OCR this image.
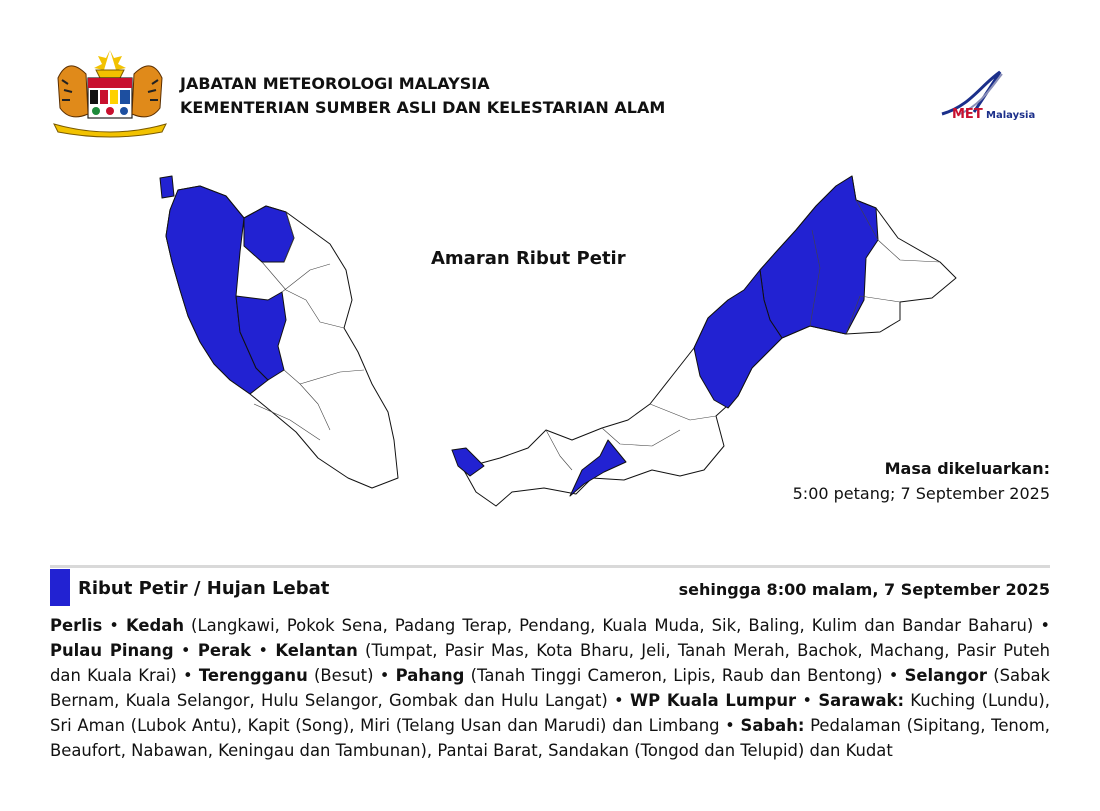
JABATAN METEOROLOGI MALAYSIA
KEMENTERIAN SUMBER ASLI DAN KELESTARIAN ALAM	MET Malaysia
Amaran Ribut Petir
Masa dikeluarkan:
5:00 petang; 7 September 2025
Ribut Petir / Hujan Lebat	sehingga 8:00 malam, 7 September 2025
Perlis • Kedah (Langkawi, Pokok Sena, Padang Terap, Pendang, Kuala Muda, Sik, Baling, Kulim dan Bandar Baharu) • Pulau Pinang • Perak • Kelantan (Tumpat, Pasir Mas, Kota Bharu, Jeli, Tanah Merah, Bachok, Machang, Pasir Puteh dan Kuala Krai) • Terengganu (Besut) • Pahang (Tanah Tinggi Cameron, Lipis, Raub dan Bentong) • Selangor (Sabak Bernam, Kuala Selangor, Hulu Selangor, Gombak dan Hulu Langat) • WP Kuala Lumpur • Sarawak: Kuching (Lundu), Sri Aman (Lubok Antu), Kapit (Song), Miri (Telang Usan dan Marudi) dan Limbang • Sabah: Pedalaman (Sipitang, Tenom, Beaufort, Nabawan, Keningau dan Tambunan), Pantai Barat, Sandakan (Tongod dan Telupid) dan Kudat
